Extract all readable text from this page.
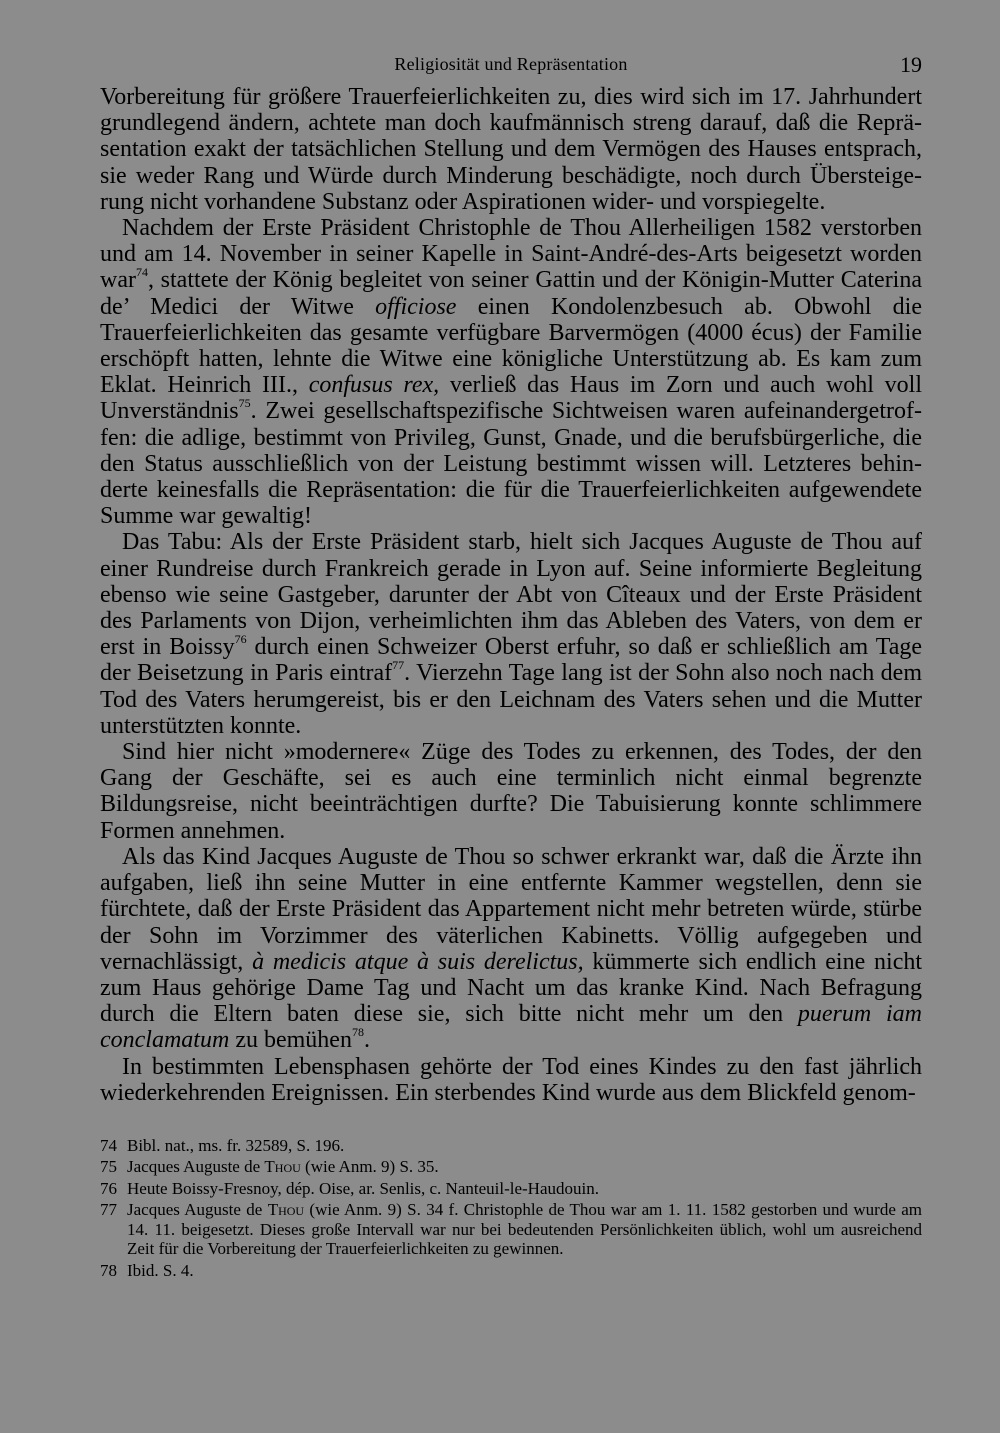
Religiosität und Repräsentation	19

Vorbereitung für größere Trauerfeierlichkeiten zu, dies wird sich im 17. Jahrhundert grundlegend ändern, achtete man doch kaufmännisch streng darauf, daß die Repräsentation exakt der tatsächlichen Stellung und dem Vermögen des Hauses entsprach, sie weder Rang und Würde durch Minderung beschädigte, noch durch Übersteigerung nicht vorhandene Substanz oder Aspirationen wider- und vorspiegelte.

Nachdem der Erste Präsident Christophle de Thou Allerheiligen 1582 verstorben und am 14. November in seiner Kapelle in Saint-André-des-Arts beigesetzt worden war$^{74}$, stattete der König begleitet von seiner Gattin und der Königin-Mutter Caterina de’ Medici der Witwe officiose einen Kondolenzbesuch ab. Obwohl die Trauerfeierlichkeiten das gesamte verfügbare Barvermögen (4000 écus) der Familie erschöpft hatten, lehnte die Witwe eine königliche Unterstützung ab. Es kam zum Eklat. Heinrich III., confusus rex, verließ das Haus im Zorn und auch wohl voll Unverständnis$^{75}$. Zwei gesellschaftspezifische Sichtweisen waren aufeinandergetroffen: die adlige, bestimmt von Privileg, Gunst, Gnade, und die berufsbürgerliche, die den Status ausschließlich von der Leistung bestimmt wissen will. Letzteres behinderte keinesfalls die Repräsentation: die für die Trauerfeierlichkeiten aufgewendete Summe war gewaltig!

Das Tabu: Als der Erste Präsident starb, hielt sich Jacques Auguste de Thou auf einer Rundreise durch Frankreich gerade in Lyon auf. Seine informierte Begleitung ebenso wie seine Gastgeber, darunter der Abt von Cîteaux und der Erste Präsident des Parlaments von Dijon, verheimlichten ihm das Ableben des Vaters, von dem er erst in Boissy$^{76}$ durch einen Schweizer Oberst erfuhr, so daß er schließlich am Tage der Beisetzung in Paris eintraf$^{77}$. Vierzehn Tage lang ist der Sohn also noch nach dem Tod des Vaters herumgereist, bis er den Leichnam des Vaters sehen und die Mutter unterstützten konnte.

Sind hier nicht »modernere« Züge des Todes zu erkennen, des Todes, der den Gang der Geschäfte, sei es auch eine terminlich nicht einmal begrenzte Bildungsreise, nicht beeinträchtigen durfte? Die Tabuisierung konnte schlimmere Formen annehmen.

Als das Kind Jacques Auguste de Thou so schwer erkrankt war, daß die Ärzte ihn aufgaben, ließ ihn seine Mutter in eine entfernte Kammer wegstellen, denn sie fürchtete, daß der Erste Präsident das Appartement nicht mehr betreten würde, stürbe der Sohn im Vorzimmer des väterlichen Kabinetts. Völlig aufgegeben und vernachlässigt, à medicis atque à suis derelictus, kümmerte sich endlich eine nicht zum Haus gehörige Dame Tag und Nacht um das kranke Kind. Nach Befragung durch die Eltern baten diese sie, sich bitte nicht mehr um den puerum iam conclamatum zu bemühen$^{78}$.

In bestimmten Lebensphasen gehörte der Tod eines Kindes zu den fast jährlich wiederkehrenden Ereignissen. Ein sterbendes Kind wurde aus dem Blickfeld genom-

74 Bibl. nat., ms. fr. 32589, S. 196.
75 Jacques Auguste de Thou (wie Anm. 9) S. 35.
76 Heute Boissy-Fresnoy, dép. Oise, ar. Senlis, c. Nanteuil-le-Haudouin.
77 Jacques Auguste de Thou (wie Anm. 9) S. 34 f. Christophle de Thou war am 1. 11. 1582 gestorben und wurde am 14. 11. beigesetzt. Dieses große Intervall war nur bei bedeutenden Persönlichkeiten üblich, wohl um ausreichend Zeit für die Vorbereitung der Trauerfeierlichkeiten zu gewinnen.
78 Ibid. S. 4.
